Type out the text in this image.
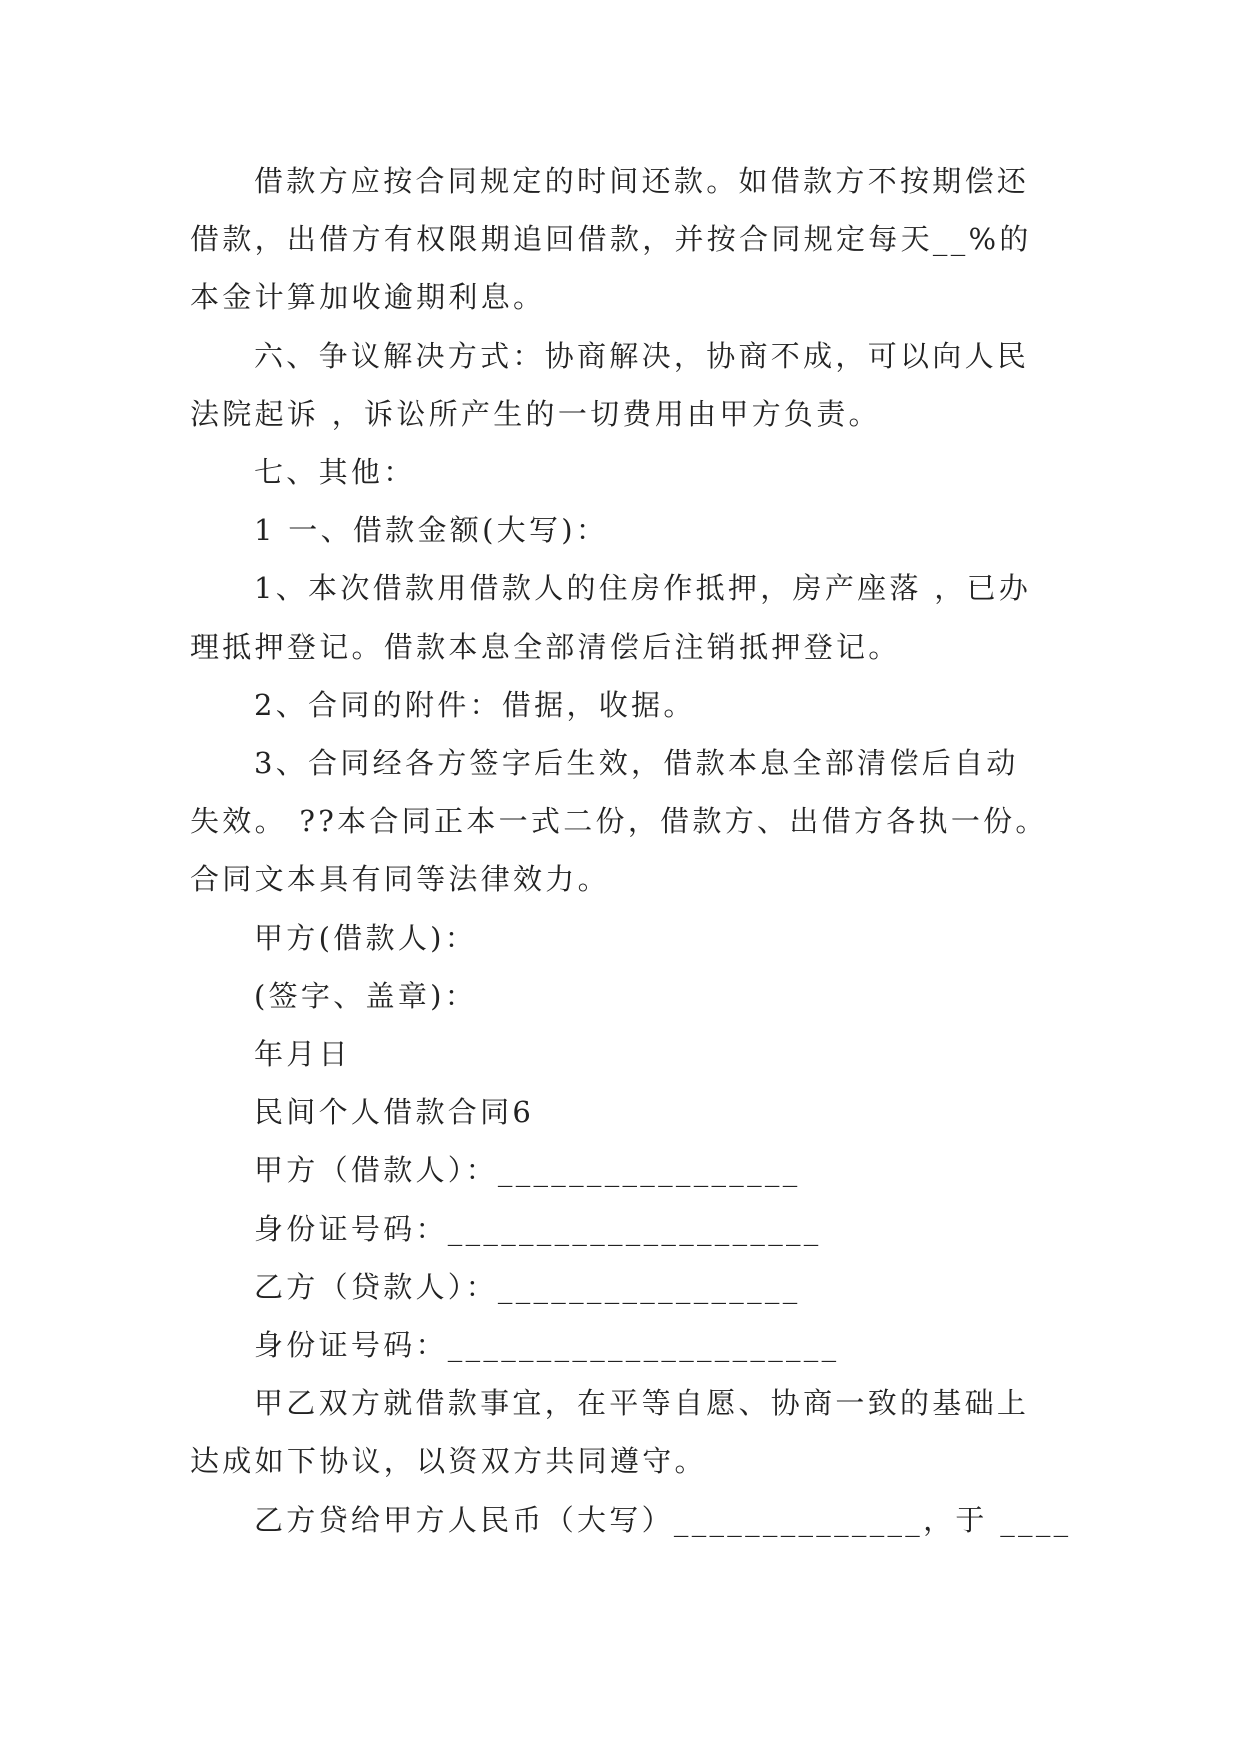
借款方应按合同规定的时间还款。如借款方不按期偿还
借款，出借方有权限期追回借款，并按合同规定每天__%的
本金计算加收逾期利息。

六、争议解决方式：协商解决，协商不成，可以向人民
法院起诉 ，诉讼所产生的一切费用由甲方负责。

七、其他：

1 一、借款金额(大写)：

1、本次借款用借款人的住房作抵押，房产座落 ，已办
理抵押登记。借款本息全部清偿后注销抵押登记。

2、合同的附件：借据，收据。

3、合同经各方签字后生效，借款本息全部清偿后自动
失效。 ??本合同正本一式二份，借款方、出借方各执一份。
合同文本具有同等法律效力。

甲方(借款人)：

(签字、盖章)：

年月日

民间个人借款合同6

甲方（借款人）：_________________

身份证号码：_____________________

乙方（贷款人）：_________________

身份证号码：______________________

甲乙双方就借款事宜，在平等自愿、协商一致的基础上
达成如下协议，以资双方共同遵守。

乙方贷给甲方人民币（大写）______________，于 ____
